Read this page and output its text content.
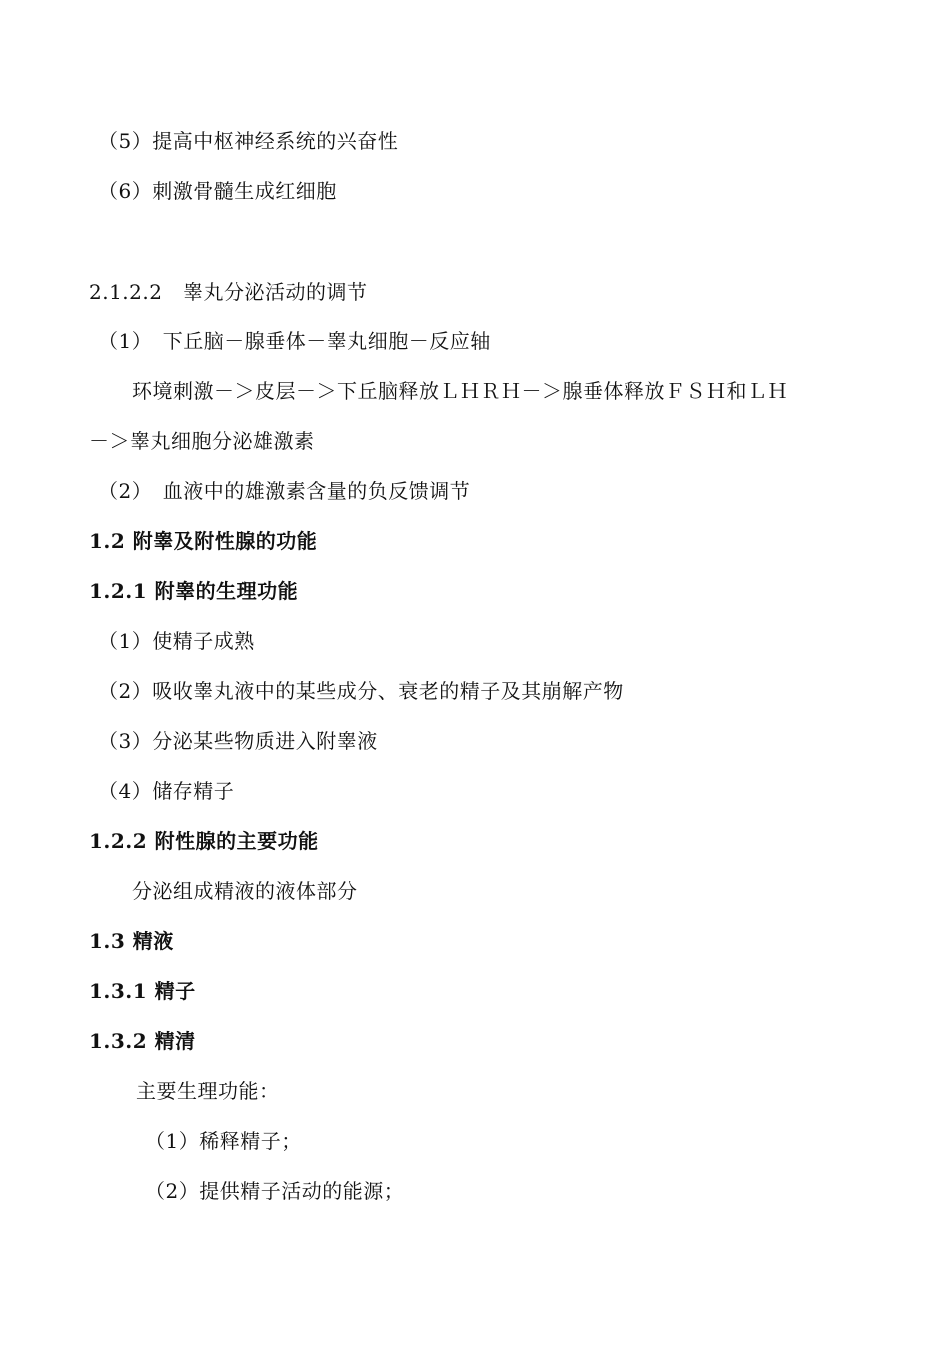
（5）提高中枢神经系统的兴奋性
（6）刺激骨髓生成红细胞
2.1.2.2　睾丸分泌活动的调节
（1）　下丘脑－腺垂体－睾丸细胞－反应轴
环境刺激－＞皮层－＞下丘脑释放ＬＨＲＨ－＞腺垂体释放ＦＳＨ和ＬＨ
－＞睾丸细胞分泌雄激素
（2）　血液中的雄激素含量的负反馈调节
1.2 附睾及附性腺的功能
1.2.1 附睾的生理功能
（1）使精子成熟
（2）吸收睾丸液中的某些成分、衰老的精子及其崩解产物
（3）分泌某些物质进入附睾液
（4）储存精子
1.2.2 附性腺的主要功能
分泌组成精液的液体部分
1.3 精液
1.3.1 精子
1.3.2 精清
主要生理功能：
（1）稀释精子；
（2）提供精子活动的能源；
